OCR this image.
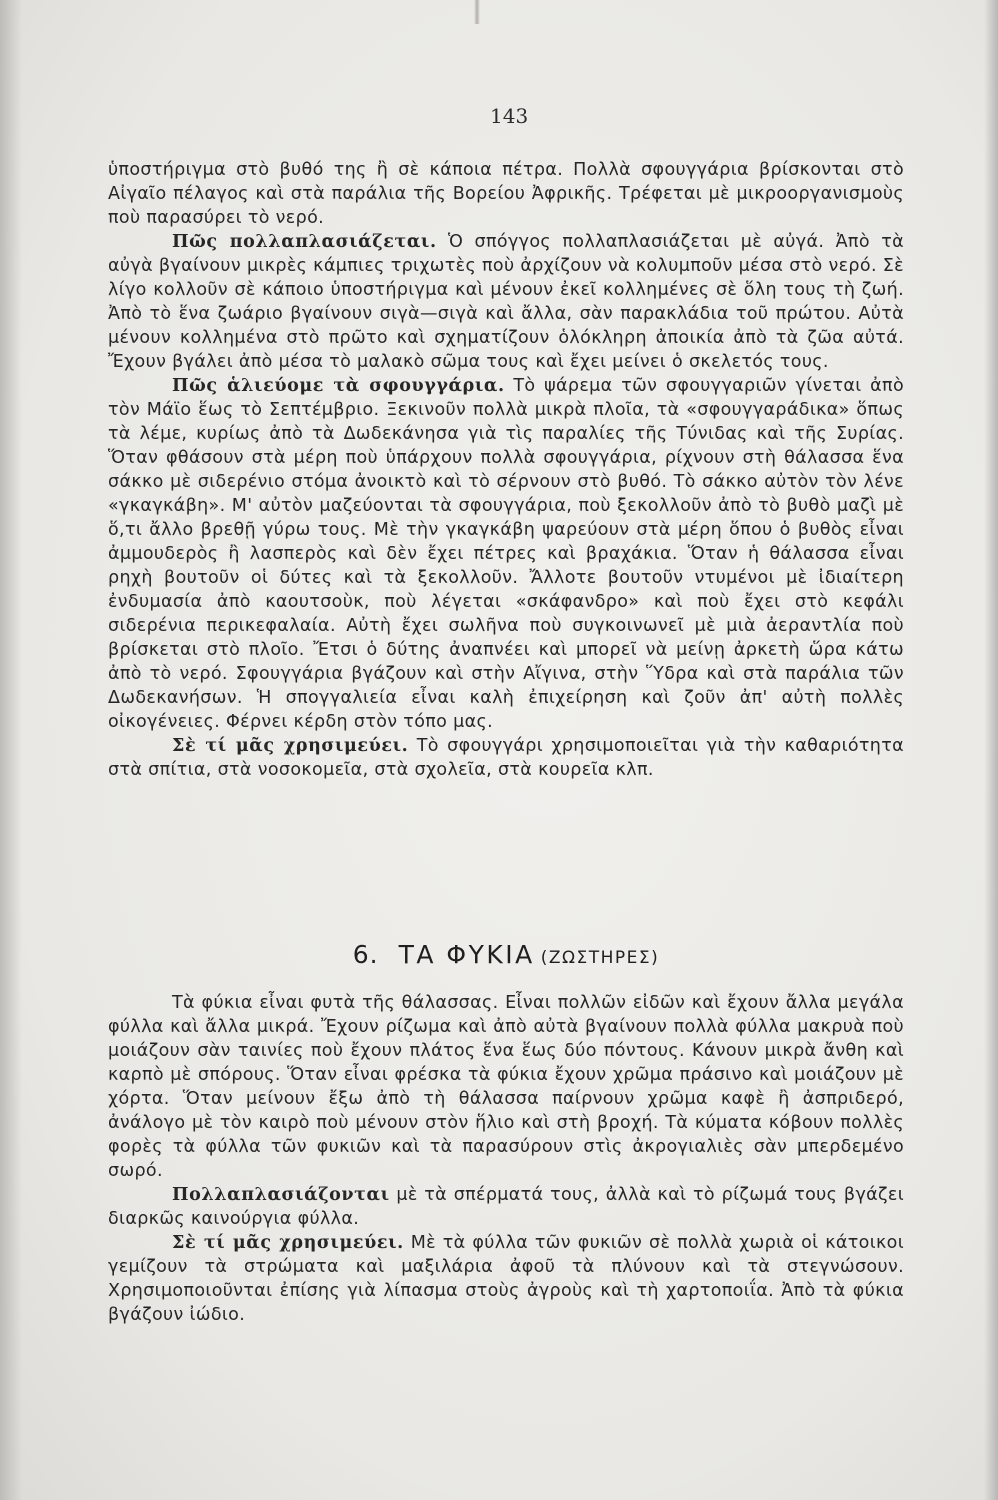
143

ὑποστήριγμα στὸ βυθό της ἢ σὲ κάποια πέτρα. Πολλὰ σφουγγάρια βρίσκονται στὸ Αἰγαῖο πέλαγος καὶ στὰ παράλια τῆς Βορείου Ἀφρικῆς. Τρέφεται μὲ μικροοργανισμοὺς ποὺ παρασύρει τὸ νερό.

Πῶς πολλαπλασιάζεται. Ὁ σπόγγος πολλαπλασιάζεται μὲ αὐγά. Ἀπὸ τὰ αὐγὰ βγαίνουν μικρὲς κάμπιες τριχωτὲς ποὺ ἀρχίζουν νὰ κολυμποῦν μέσα στὸ νερό. Σὲ λίγο κολλοῦν σὲ κάποιο ὑποστήριγμα καὶ μένουν ἐκεῖ κολλημένες σὲ ὅλη τους τὴ ζωή. Ἀπὸ τὸ ἕνα ζωάριο βγαίνουν σιγὰ—σιγὰ καὶ ἄλλα, σὰν παρακλάδια τοῦ πρώτου. Αὐτὰ μένουν κολλημένα στὸ πρῶτο καὶ σχηματίζουν ὁλόκληρη ἀποικία ἀπὸ τὰ ζῶα αὐτά. Ἔχουν βγάλει ἀπὸ μέσα τὸ μαλακὸ σῶμα τους καὶ ἔχει μείνει ὁ σκελετός τους.

Πῶς ἁλιεύομε τὰ σφουγγάρια. Τὸ ψάρεμα τῶν σφουγγαριῶν γίνεται ἀπὸ τὸν Μάϊο ἕως τὸ Σεπτέμβριο. Ξεκινοῦν πολλὰ μικρὰ πλοῖα, τὰ «σφουγγαράδικα» ὅπως τὰ λέμε, κυρίως ἀπὸ τὰ Δωδεκάνησα γιὰ τὶς παραλίες τῆς Τύνιδας καὶ τῆς Συρίας. Ὅταν φθάσουν στὰ μέρη ποὺ ὑπάρχουν πολλὰ σφουγγάρια, ρίχνουν στὴ θάλασσα ἕνα σάκκο μὲ σιδερένιο στόμα ἀνοικτὸ καὶ τὸ σέρνουν στὸ βυθό. Τὸ σάκκο αὐτὸν τὸν λένε «γκαγκάβη». Μ' αὐτὸν μαζεύονται τὰ σφουγγάρια, ποὺ ξεκολλοῦν ἀπὸ τὸ βυθὸ μαζὶ μὲ ὅ,τι ἄλλο βρεθῇ γύρω τους. Μὲ τὴν γκαγκάβη ψαρεύουν στὰ μέρη ὅπου ὁ βυθὸς εἶναι ἀμμουδερὸς ἢ λασπερὸς καὶ δὲν ἔχει πέτρες καὶ βραχάκια. Ὅταν ἡ θάλασσα εἶναι ρηχὴ βουτοῦν οἱ δύτες καὶ τὰ ξεκολλοῦν. Ἄλλοτε βουτοῦν ντυμένοι μὲ ἰδιαίτερη ἐνδυμασία ἀπὸ καουτσοὺκ, ποὺ λέγεται «σκάφανδρο» καὶ ποὺ ἔχει στὸ κεφάλι σιδερένια περικεφαλαία. Αὐτὴ ἔχει σωλῆνα ποὺ συγκοινωνεῖ μὲ μιὰ ἀεραντλία ποὺ βρίσκεται στὸ πλοῖο. Ἔτσι ὁ δύτης ἀναπνέει καὶ μπορεῖ νὰ μείνῃ ἀρκετὴ ὥρα κάτω ἀπὸ τὸ νερό. Σφουγγάρια βγάζουν καὶ στὴν Αἴγινα, στὴν Ὕδρα καὶ στὰ παράλια τῶν Δωδεκανήσων. Ἡ σπογγαλιεία εἶναι καλὴ ἐπιχείρηση καὶ ζοῦν ἀπ' αὐτὴ πολλὲς οἰκογένειες. Φέρνει κέρδη στὸν τόπο μας.

Σὲ τί μᾶς χρησιμεύει. Τὸ σφουγγάρι χρησιμοποιεῖται γιὰ τὴν καθαριότητα στὰ σπίτια, στὰ νοσοκομεῖα, στὰ σχολεῖα, στὰ κουρεῖα κλπ.

6. ΤΑ ΦΥΚΙΑ (ΖΩΣΤΗΡΕΣ)

Τὰ φύκια εἶναι φυτὰ τῆς θάλασσας. Εἶναι πολλῶν εἰδῶν καὶ ἔχουν ἄλλα μεγάλα φύλλα καὶ ἄλλα μικρά. Ἔχουν ρίζωμα καὶ ἀπὸ αὐτὰ βγαίνουν πολλὰ φύλλα μακρυὰ ποὺ μοιάζουν σὰν ταινίες ποὺ ἔχουν πλάτος ἕνα ἕως δύο πόντους. Κάνουν μικρὰ ἄνθη καὶ καρπὸ μὲ σπόρους. Ὅταν εἶναι φρέσκα τὰ φύκια ἔχουν χρῶμα πράσινο καὶ μοιάζουν μὲ χόρτα. Ὅταν μείνουν ἔξω ἀπὸ τὴ θάλασσα παίρνουν χρῶμα καφὲ ἢ ἀσπριδερό, ἀνάλογο μὲ τὸν καιρὸ ποὺ μένουν στὸν ἥλιο καὶ στὴ βροχή. Τὰ κύματα κόβουν πολλὲς φορὲς τὰ φύλλα τῶν φυκιῶν καὶ τὰ παρασύρουν στὶς ἀκρογιαλιὲς σὰν μπερδεμένο σωρό.

Πολλαπλασιάζονται μὲ τὰ σπέρματά τους, ἀλλὰ καὶ τὸ ρίζωμά τους βγάζει διαρκῶς καινούργια φύλλα.

Σὲ τί μᾶς χρησιμεύει. Μὲ τὰ φύλλα τῶν φυκιῶν σὲ πολλὰ χωριὰ οἱ κάτοικοι γεμίζουν τὰ στρώματα καὶ μαξιλάρια ἀφοῦ τὰ πλύνουν καὶ τὰ στεγνώσουν. Χρησιμοποιοῦνται ἐπίσης γιὰ λίπασμα στοὺς ἀγροὺς καὶ τὴ χαρτοποιΐα. Ἀπὸ τὰ φύκια βγάζουν ἰώδιο.
